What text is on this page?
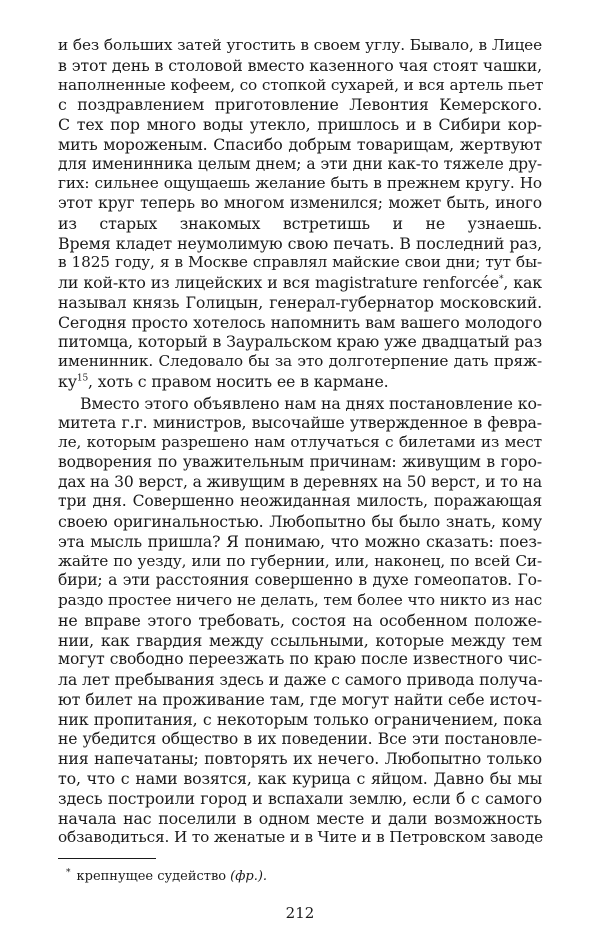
и без больших затей угостить в своем углу. Бывало, в Лицее
в этот день в столовой вместо казенного чая стоят чашки,
наполненные кофеем, со стопкой сухарей, и вся артель пьет
с поздравлением приготовление Левонтия Кемерского.
С тех пор много воды утекло, пришлось и в Сибири кор-
мить мороженым. Спасибо добрым товарищам, жертвуют
для именинника целым днем; а эти дни как-то тяжеле дру-
гих: сильнее ощущаешь желание быть в прежнем кругу. Но
этот круг теперь во многом изменился; может быть, иного
из старых знакомых встретишь и не узнаешь.
Время кладет неумолимую свою печать. В последний раз,
в 1825 году, я в Москве справлял майские свои дни; тут бы-
ли кой-кто из лицейских и вся magistrature renforcée*, как
называл князь Голицын, генерал-губернатор московский.
Сегодня просто хотелось напомнить вам вашего молодого
питомца, который в Зауральском краю уже двадцатый раз
именинник. Следовало бы за это долготерпение дать пряж-
ку$^{15}$, хоть с правом носить ее в кармане.
Вместо этого объявлено нам на днях постановление ко-
митета г.г. министров, высочайше утвержденное в февра-
ле, которым разрешено нам отлучаться с билетами из мест
водворения по уважительным причинам: живущим в горо-
дах на 30 верст, а живущим в деревнях на 50 верст, и то на
три дня. Совершенно неожиданная милость, поражающая
своею оригинальностью. Любопытно бы было знать, кому
эта мысль пришла? Я понимаю, что можно сказать: поез-
жайте по уезду, или по губернии, или, наконец, по всей Си-
бири; а эти расстояния совершенно в духе гомеопатов. Го-
раздо простее ничего не делать, тем более что никто из нас
не вправе этого требовать, состоя на особенном положе-
нии, как гвардия между ссыльными, которые между тем
могут свободно переезжать по краю после известного чис-
ла лет пребывания здесь и даже с самого привода получа-
ют билет на проживание там, где могут найти себе источ-
ник пропитания, с некоторым только ограничением, пока
не убедится общество в их поведении. Все эти постановле-
ния напечатаны; повторять их нечего. Любопытно только
то, что с нами возятся, как курица с яйцом. Давно бы мы
здесь построили город и вспахали землю, если б с самого
начала нас поселили в одном месте и дали возможность
обзаводиться. И то женатые и в Чите и в Петровском заводе
* крепнущее судейство (фр.).
212
